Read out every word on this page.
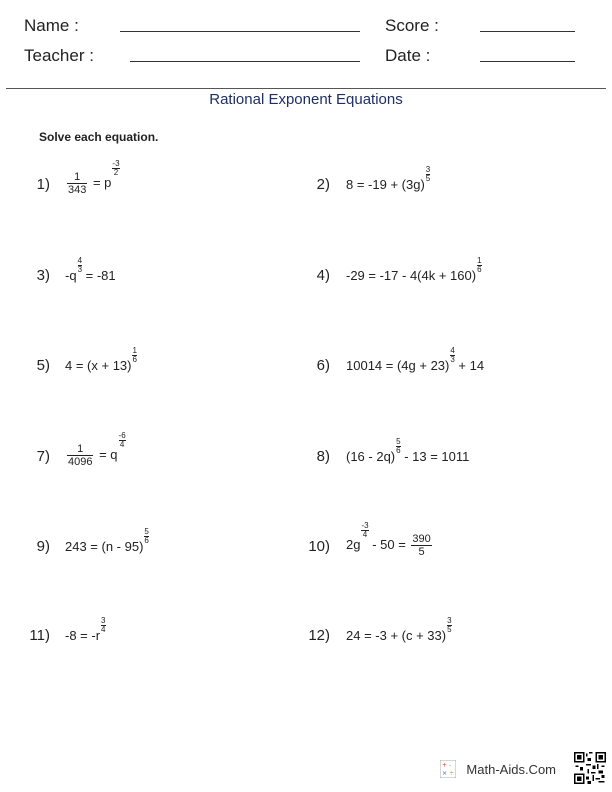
Name :
Teacher :
Score :
Date :
Rational Exponent Equations
Solve each equation.
$1) \frac{1}{343} = p$
$^{\frac{-3}{2}}$
2) 8 = -19 + (3g)
$^{\frac{3}{5}}$
3) -q
$^{\frac{4}{3}}$
= -81	4) -29 = -17 - 4(4k + 160)
$^{\frac{1}{6}}$
5) 4 = (x + 13)
$^{\frac{1}{6}}$
6) 10014 = (4g + 23)
$^{\frac{4}{3}}$
+ 14
$7) \frac{1}{4096} = q$
$^{\frac{-6}{4}}$
8) (16 - 2q)
$^{\frac{5}{6}}$
- 13 = 1011
9) 243 = (n - 95)
$^{\frac{5}{6}}$
10) 2g
$^{\frac{-3}{4}}$
- $50 = \frac{390}{5}$
11) -8 = -r
$^{\frac{3}{4}}$
12) 24 = -3 + (c + 33)
$^{\frac{3}{5}}$
+ -
× ÷ Math-Aids.Com
